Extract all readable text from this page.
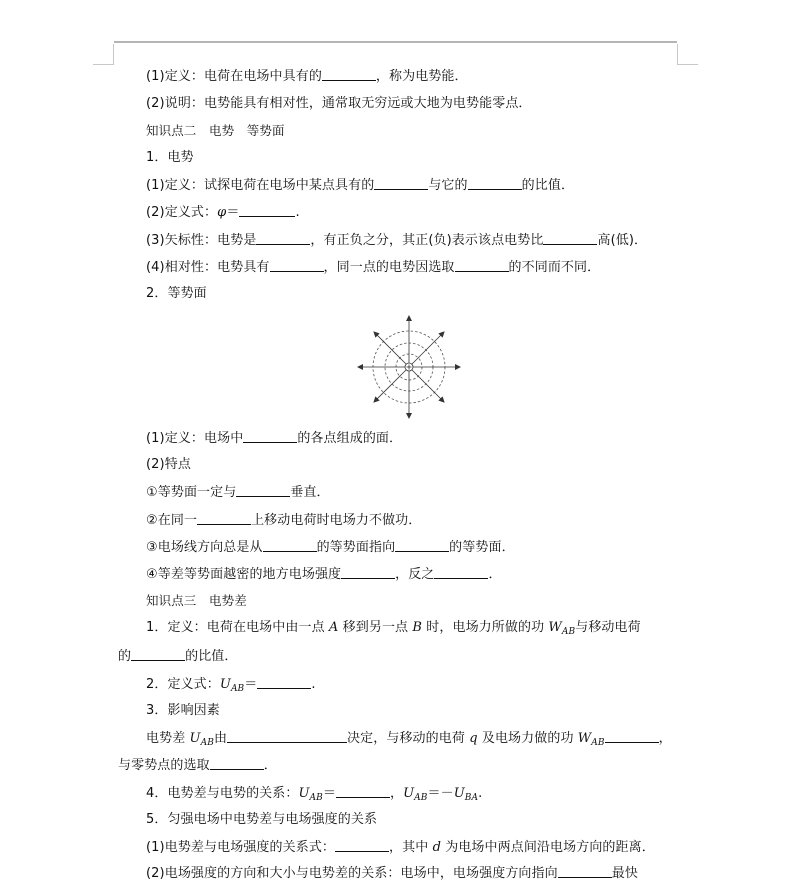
(1)定义：电荷在电场中具有的	，称为电势能．
(2)说明：电势能具有相对性，通常取无穷远或大地为电势能零点．
知识点二　电势　等势面
1．电势
(1)定义：试探电荷在电场中某点具有的	与它的	的比值．
(2)定义式：φ＝	.
(3)矢标性：电势是	，有正负之分，其正(负)表示该点电势比	高(低)．
(4)相对性：电势具有	，同一点的电势因选取	的不同而不同．
2．等势面
(1)定义：电场中	的各点组成的面．
(2)特点
①等势面一定与	垂直．
②在同一	上移动电荷时电场力不做功．
③电场线方向总是从	的等势面指向	的等势面．
④等差等势面越密的地方电场强度	，反之	．
知识点三　电势差
1．定义：电荷在电场中由一点 A 移到另一点 B 时，电场力所做的功 $W_{AB}$与移动电荷
的	的比值．
2．定义式：$U_{AB}=$	.
3．影响因素
电势差 $U_{AB}$由	决定，与移动的电荷 q 及电场力做的功 $W_{AB}$	，
与零势点的选取	．
4．电势差与电势的关系：$U_{AB}=$	，$U_{AB}=-U_{BA}$.
5．匀强电场中电势差与电场强度的关系
(1)电势差与电场强度的关系式：	，其中 d 为电场中两点间沿电场方向的距离．
(2)电场强度的方向和大小与电势差的关系：电场中，电场强度方向指向	最快
